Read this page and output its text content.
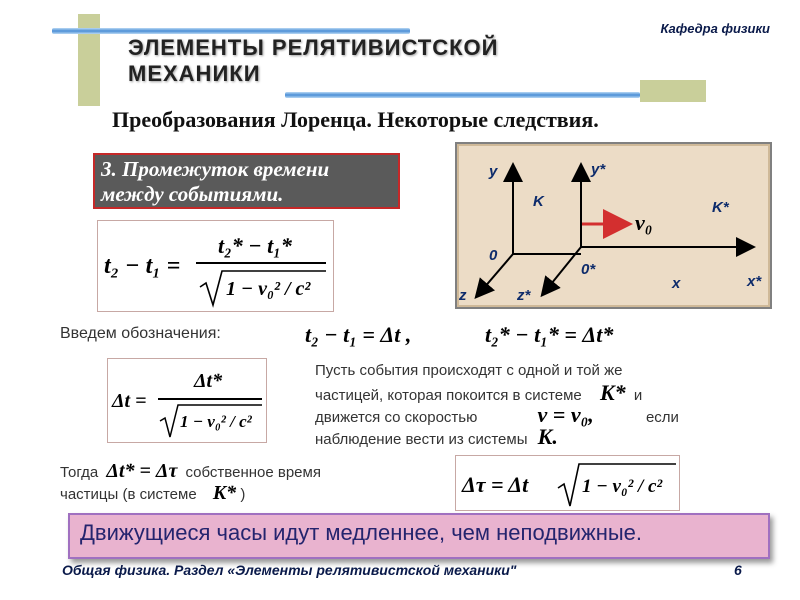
Кафедра физики
ЭЛЕМЕНТЫ РЕЛЯТИВИСТСКОЙ
МЕХАНИКИ
Преобразования Лоренца. Некоторые следствия.
3. Промежуток времени
между событиями.
t₂ − t₁ =
t₂* − t₁*
1 − v₀² / c²
y	y*
K	K*
0
0*
x	x*
z	z*
v₀
Введем обозначения:	t₂ − t₁ = Δt ,	t₂* − t₁* = Δt*
Δt =
Δt*
1 − v₀² / c²
Пусть события происходят с одной и той же
частицей, которая покоится в системе K* и
движется со скоростью	v = v₀,	если
наблюдение вести из системы K.
Тогда Δt* = Δτ собственное время
частицы (в системе K* )	Δτ = Δt	1 − v₀² / c²
Движущиеся часы идут медленнее, чем неподвижные.
Общая физика. Раздел «Элементы релятивистской механики"	6
